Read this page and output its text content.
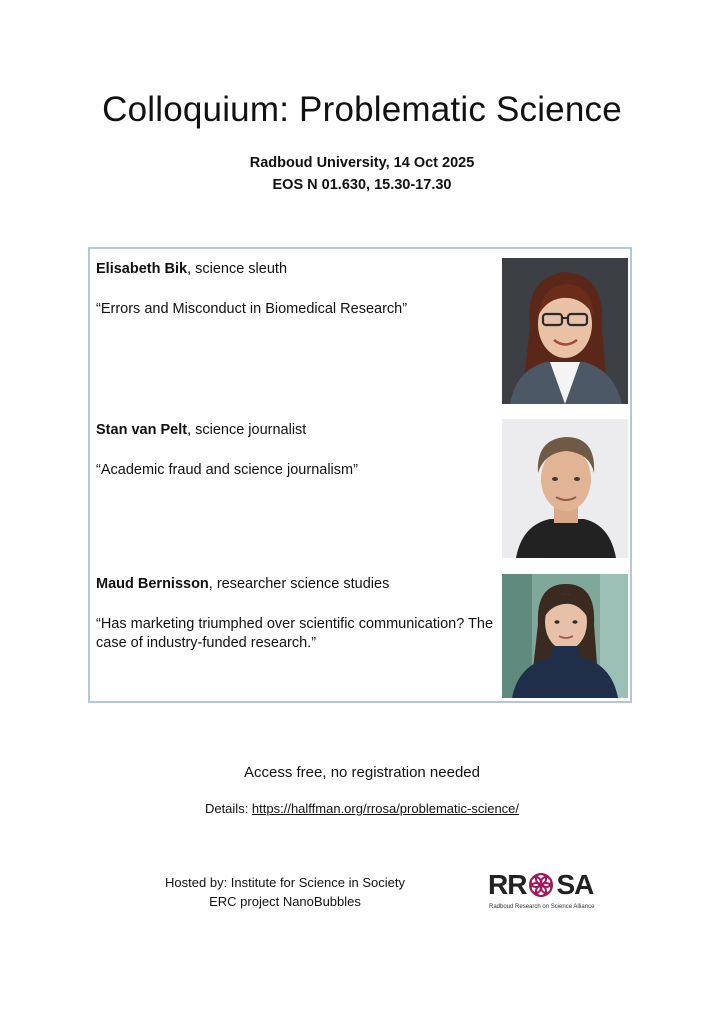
Colloquium: Problematic Science
Radboud University, 14 Oct 2025
EOS N 01.630, 15.30-17.30

Elisabeth Bik, science sleuth

“Errors and Misconduct in Biomedical Research”

Stan van Pelt, science journalist

“Academic fraud and science journalism”

Maud Bernisson, researcher science studies

“Has marketing triumphed over scientific communication? The case of industry-funded research.”

Access free, no registration needed
Details: https://halffman.org/rrosa/problematic-science/
Hosted by: Institute for Science in Society
ERC project NanoBubbles
RR SA
Radboud Research on Science Alliance
